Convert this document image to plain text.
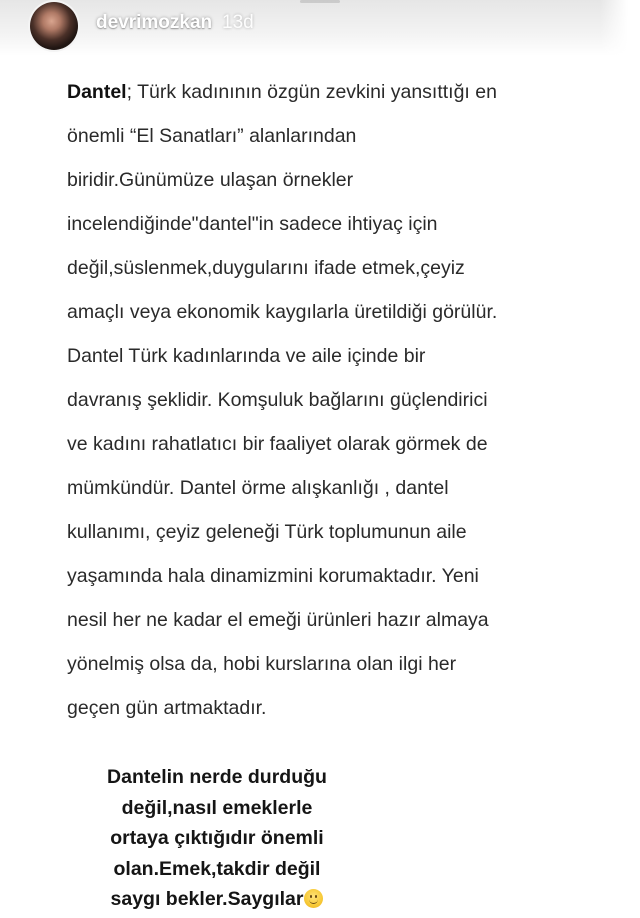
devrimozkan 13d
Dantel; Türk kadınının özgün zevkini yansıttığı en
önemli “El Sanatları” alanlarından
biridir.Günümüze ulaşan örnekler
incelendiğinde"dantel"in sadece ihtiyaç için
değil,süslenmek,duygularını ifade etmek,çeyiz
amaçlı veya ekonomik kaygılarla üretildiği görülür.
Dantel Türk kadınlarında ve aile içinde bir
davranış şeklidir. Komşuluk bağlarını güçlendirici
ve kadını rahatlatıcı bir faaliyet olarak görmek de
mümkündür. Dantel örme alışkanlığı , dantel
kullanımı, çeyiz geleneği Türk toplumunun aile
yaşamında hala dinamizmini korumaktadır. Yeni
nesil her ne kadar el emeği ürünleri hazır almaya
yönelmiş olsa da, hobi kurslarına olan ilgi her
geçen gün artmaktadır.
Dantelin nerde durduğu
değil,nasıl emeklerle
ortaya çıktığıdır önemli
olan.Emek,takdir değil
saygı bekler.Saygılar
